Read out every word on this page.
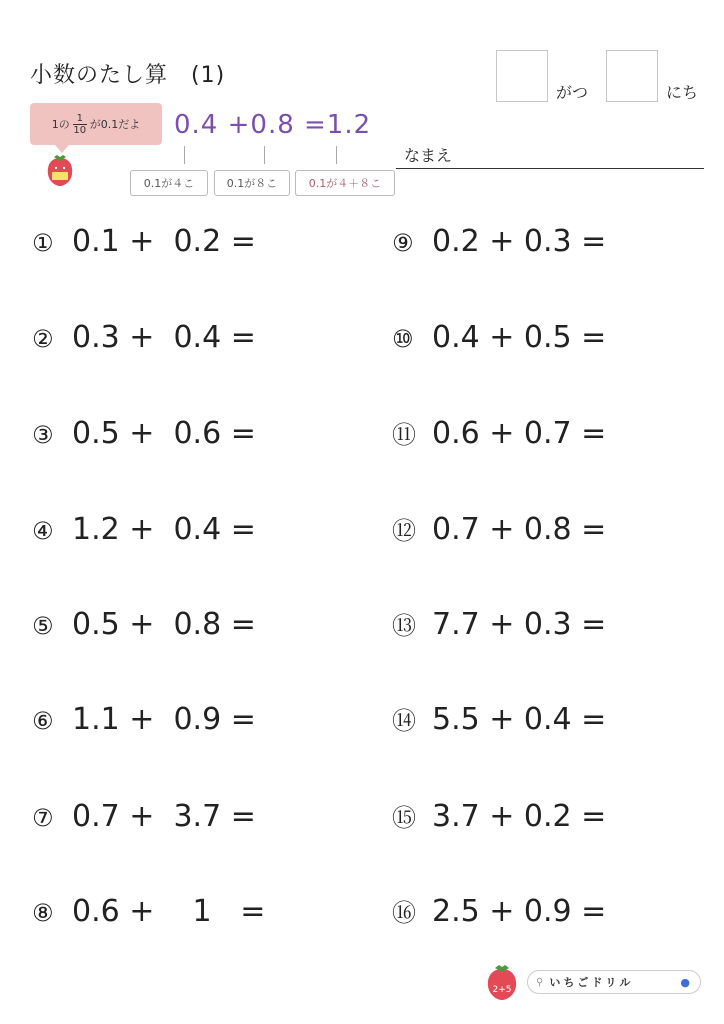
小数のたし算　(1)
がつ	にち
1の $\frac{1}{10}$ が0.1だよ 0.4 +0.8 =1.2
0.1が４こ	0.1が８こ	0.1が４＋８こ
なまえ
① 0.1 +  0.2 =
② 0.3 +  0.4 =
③ 0.5 +  0.6 =
④ 1.2 +  0.4 =
⑤ 0.5 +  0.8 =
⑥ 1.1 +  0.9 =
⑦ 0.7 +  3.7 =
⑧ 0.6 +    1   =
⑨ 0.2 + 0.3 =
⑩ 0.4 + 0.5 =
⑪ 0.6 + 0.7 =
⑫ 0.7 + 0.8 =
⑬ 7.7 + 0.3 =
⑭ 5.5 + 0.4 =
⑮ 3.7 + 0.2 =
⑯ 2.5 + 0.9 =
2+5
⚲ いちごドリル	●
